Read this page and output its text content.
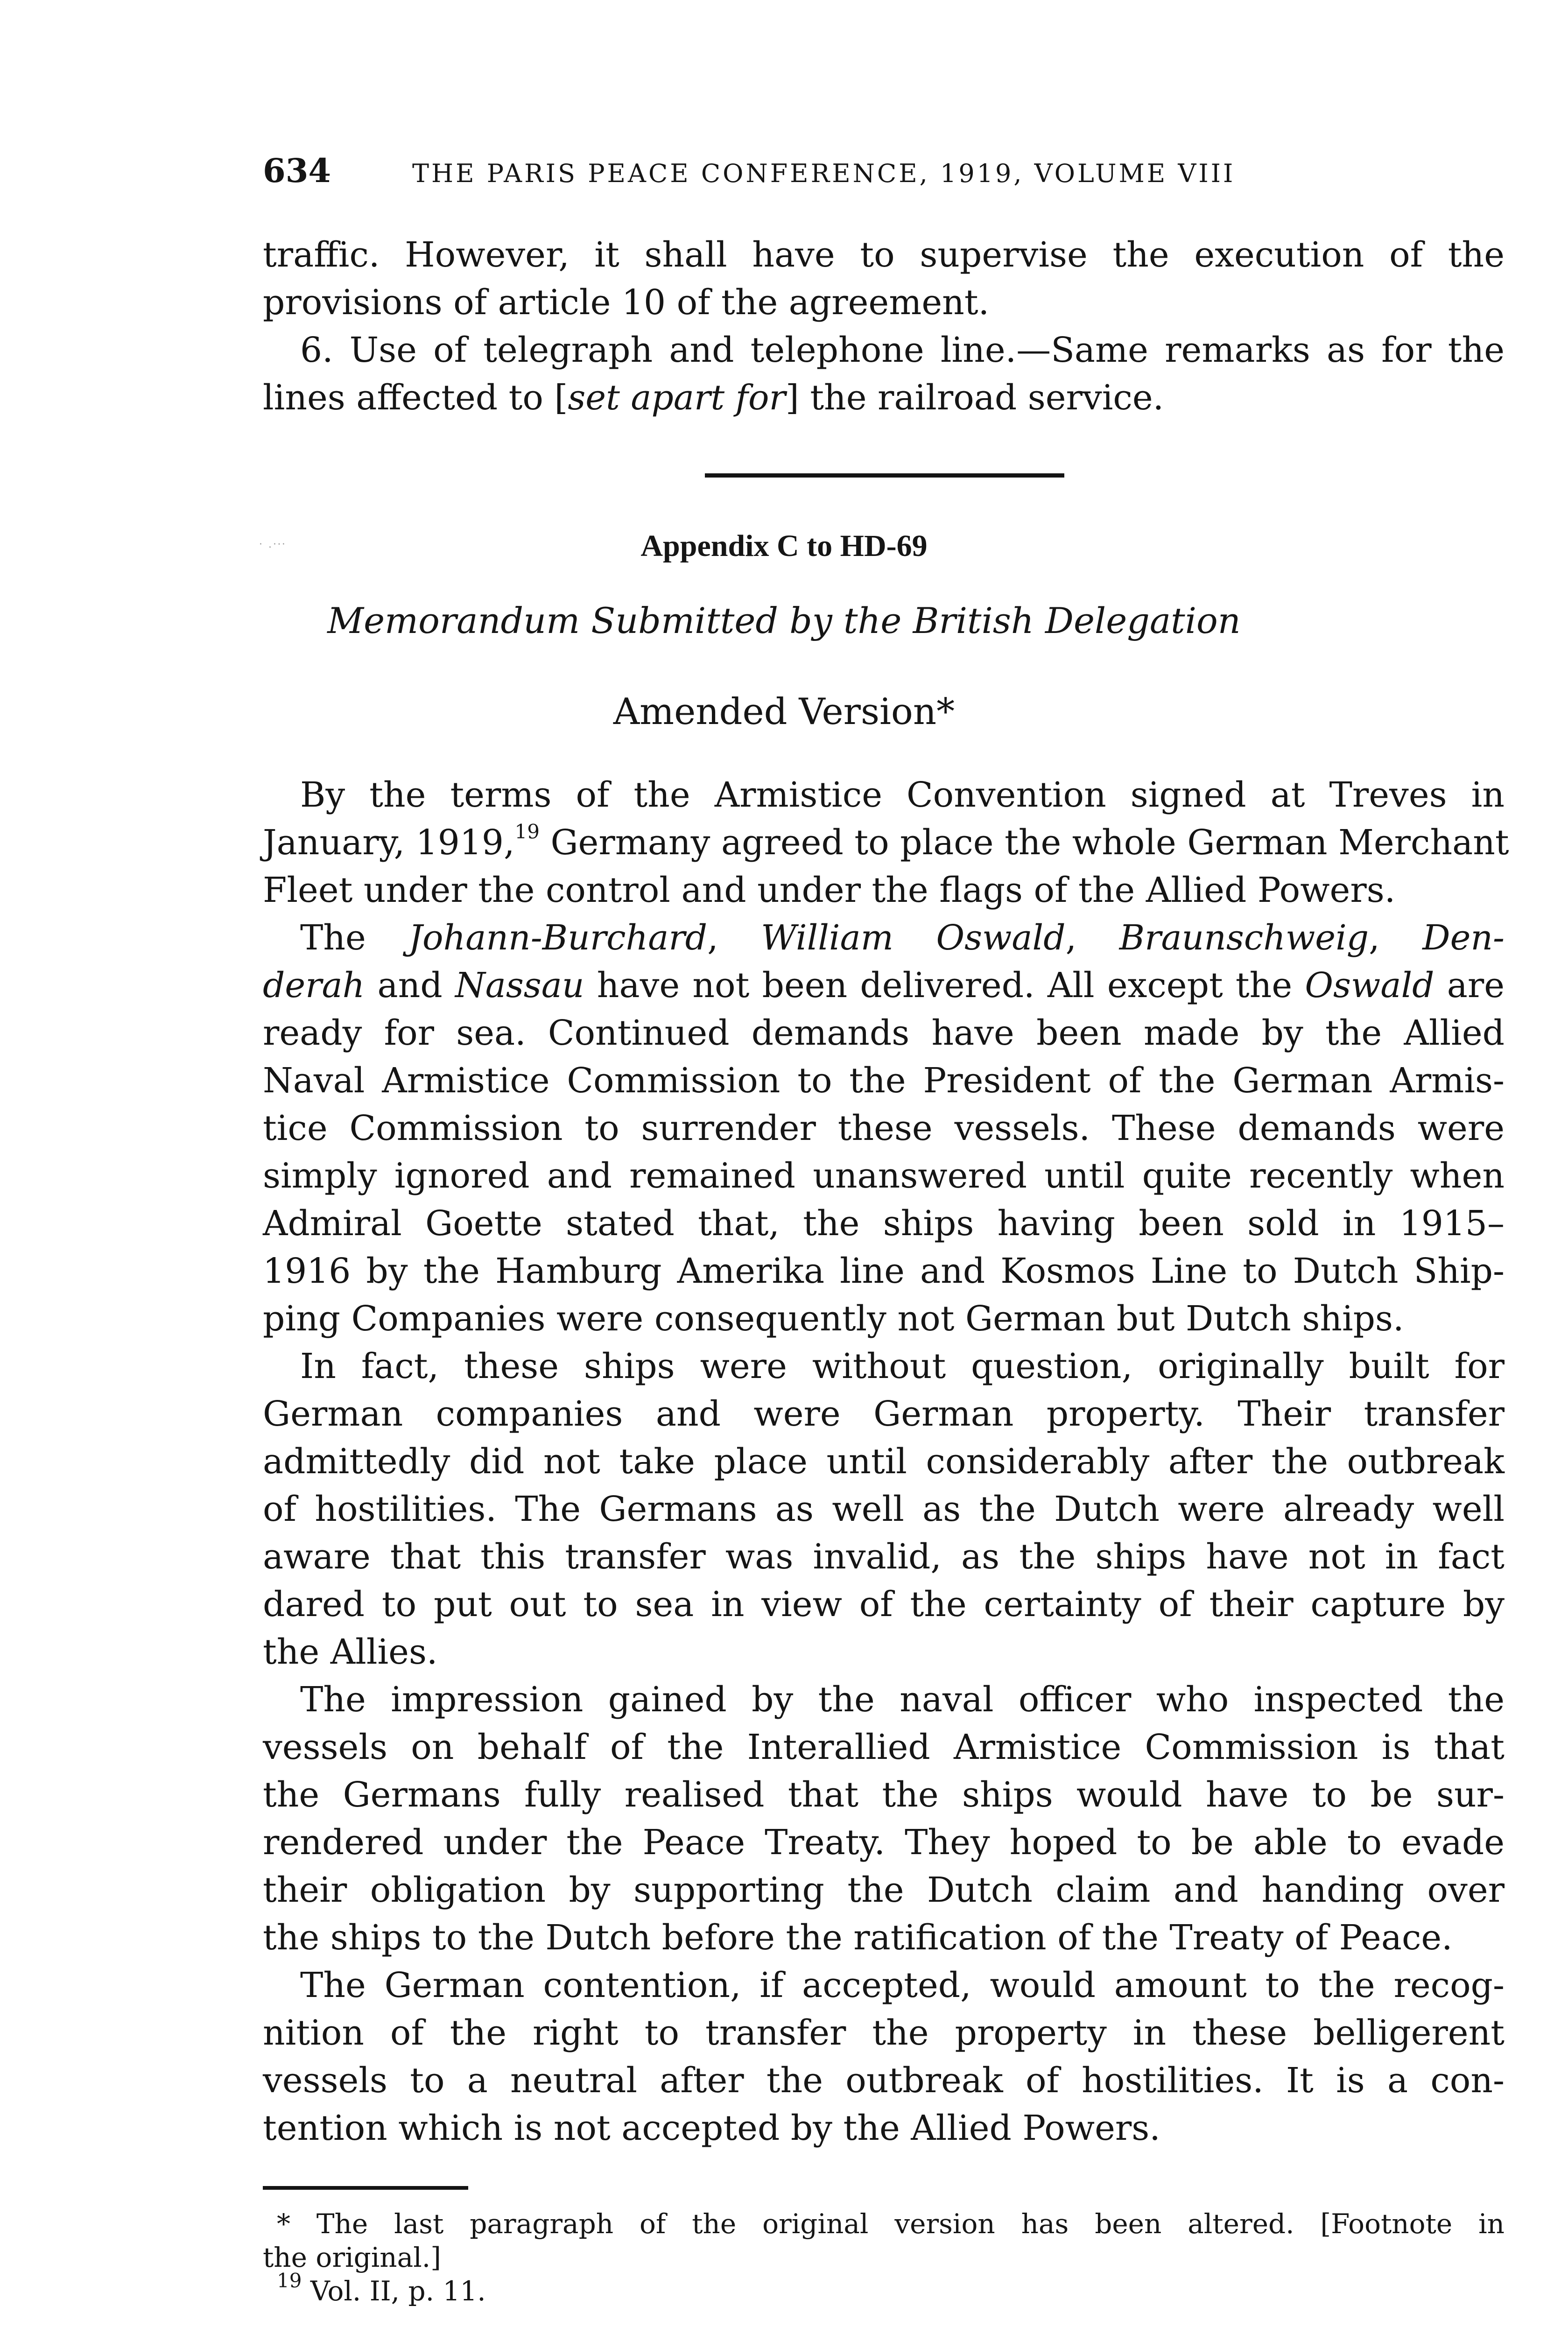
634	THE PARIS PEACE CONFERENCE, 1919, VOLUME VIII
traffic. However, it shall have to supervise the execution of the
provisions of article 10 of the agreement.
6. Use of telegraph and telephone line.—Same remarks as for the
lines affected to [set apart for] the railroad service.
· .·⸱·	Appendix C to HD-69
Memorandum Submitted by the British Delegation
Amended Version*
By the terms of the Armistice Convention signed at Treves in
January, 1919,19 Germany agreed to place the whole German Merchant
Fleet under the control and under the flags of the Allied Powers.
The Johann-Burchard, William Oswald, Braunschweig, Den-
derah and Nassau have not been delivered. All except the Oswald are
ready for sea. Continued demands have been made by the Allied
Naval Armistice Commission to the President of the German Armis-
tice Commission to surrender these vessels. These demands were
simply ignored and remained unanswered until quite recently when
Admiral Goette stated that, the ships having been sold in 1915–
1916 by the Hamburg Amerika line and Kosmos Line to Dutch Ship-
ping Companies were consequently not German but Dutch ships.
In fact, these ships were without question, originally built for
German companies and were German property. Their transfer
admittedly did not take place until considerably after the outbreak
of hostilities. The Germans as well as the Dutch were already well
aware that this transfer was invalid, as the ships have not in fact
dared to put out to sea in view of the certainty of their capture by
the Allies.
The impression gained by the naval officer who inspected the
vessels on behalf of the Interallied Armistice Commission is that
the Germans fully realised that the ships would have to be sur-
rendered under the Peace Treaty. They hoped to be able to evade
their obligation by supporting the Dutch claim and handing over
the ships to the Dutch before the ratification of the Treaty of Peace.
The German contention, if accepted, would amount to the recog-
nition of the right to transfer the property in these belligerent
vessels to a neutral after the outbreak of hostilities. It is a con-
tention which is not accepted by the Allied Powers.
* The last paragraph of the original version has been altered. [Footnote in
the original.]
$^{19}$ Vol. II, p. 11.
